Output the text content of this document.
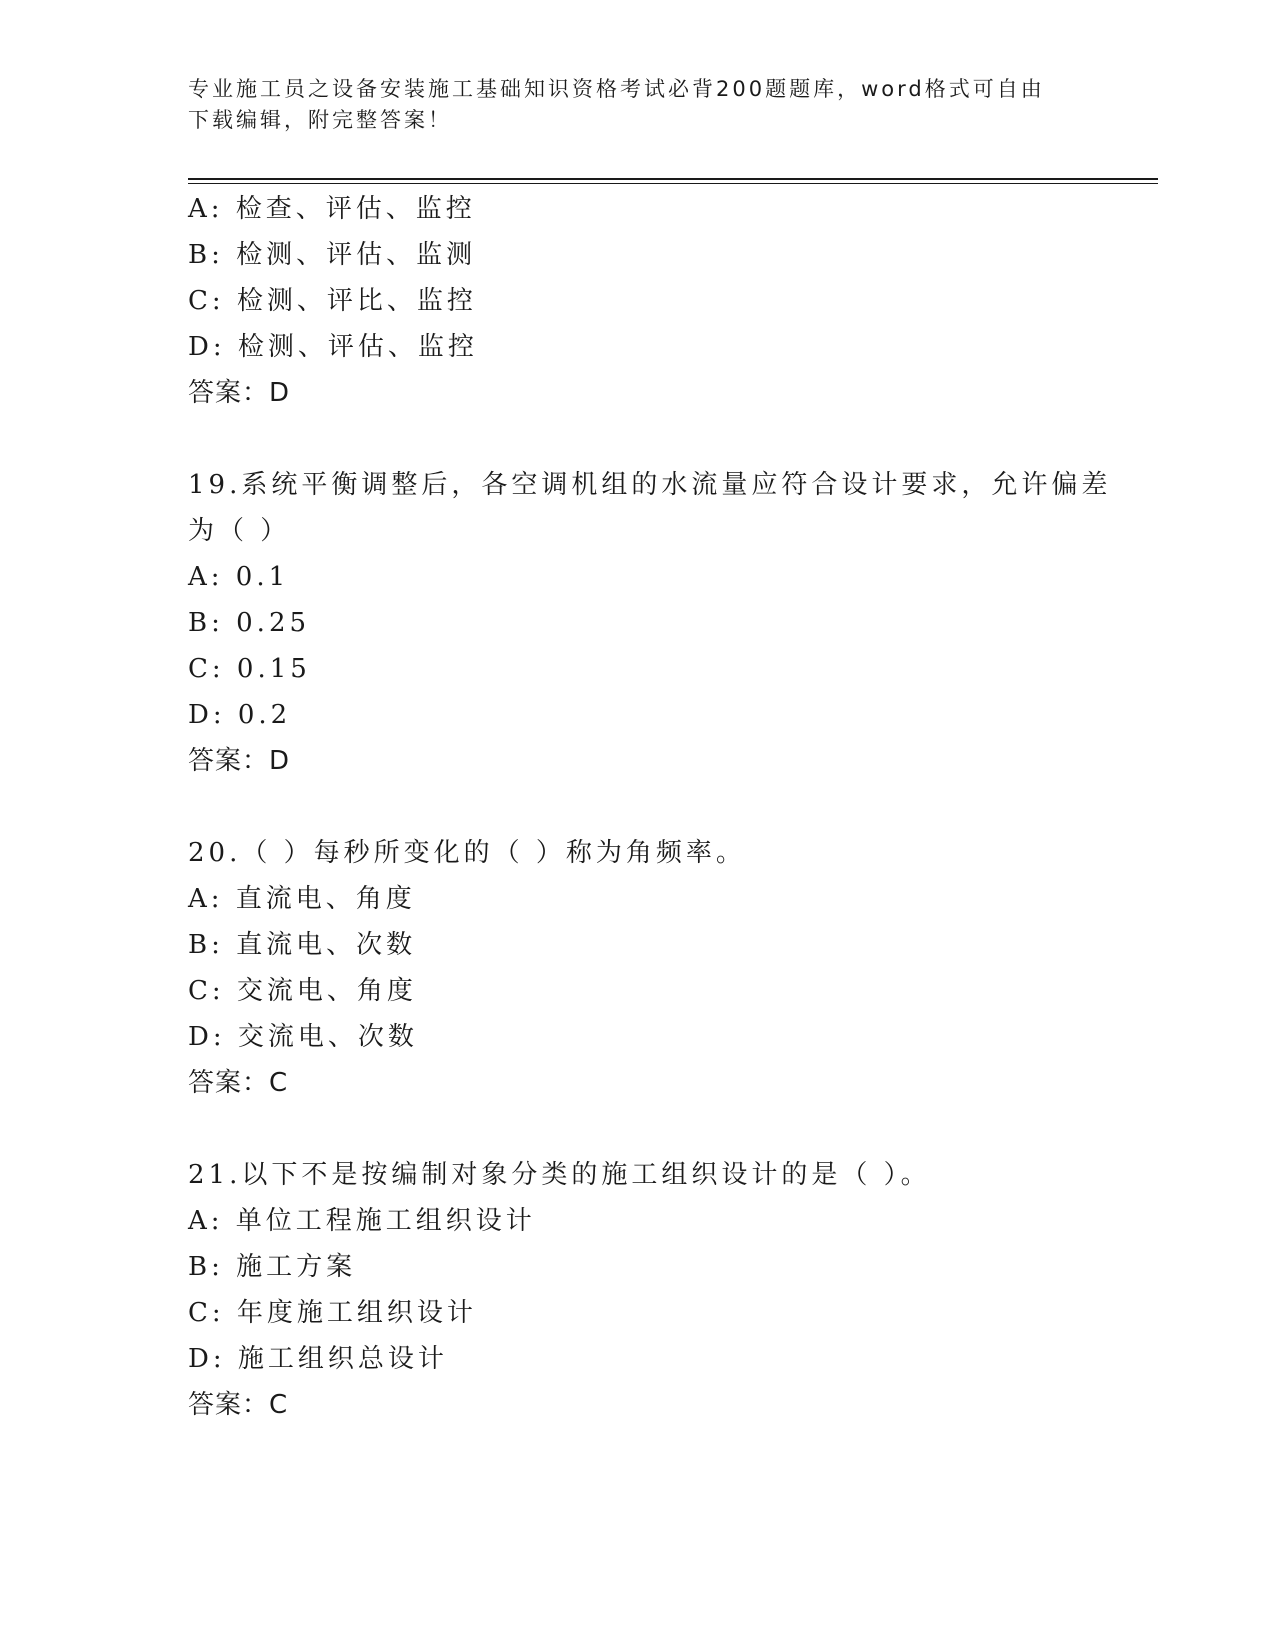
专业施工员之设备安装施工基础知识资格考试必背200题题库，word格式可自由
下载编辑，附完整答案！
A: 检查、评估、监控
B: 检测、评估、监测
C: 检测、评比、监控
D: 检测、评估、监控
答案：D
19.系统平衡调整后，各空调机组的水流量应符合设计要求，允许偏差
为（ ）
A: 0.1
B: 0.25
C: 0.15
D: 0.2
答案：D
20.（ ）每秒所变化的（ ）称为角频率。
A: 直流电、角度
B: 直流电、次数
C: 交流电、角度
D: 交流电、次数
答案：C
21.以下不是按编制对象分类的施工组织设计的是（ ）。
A: 单位工程施工组织设计
B: 施工方案
C: 年度施工组织设计
D: 施工组织总设计
答案：C
